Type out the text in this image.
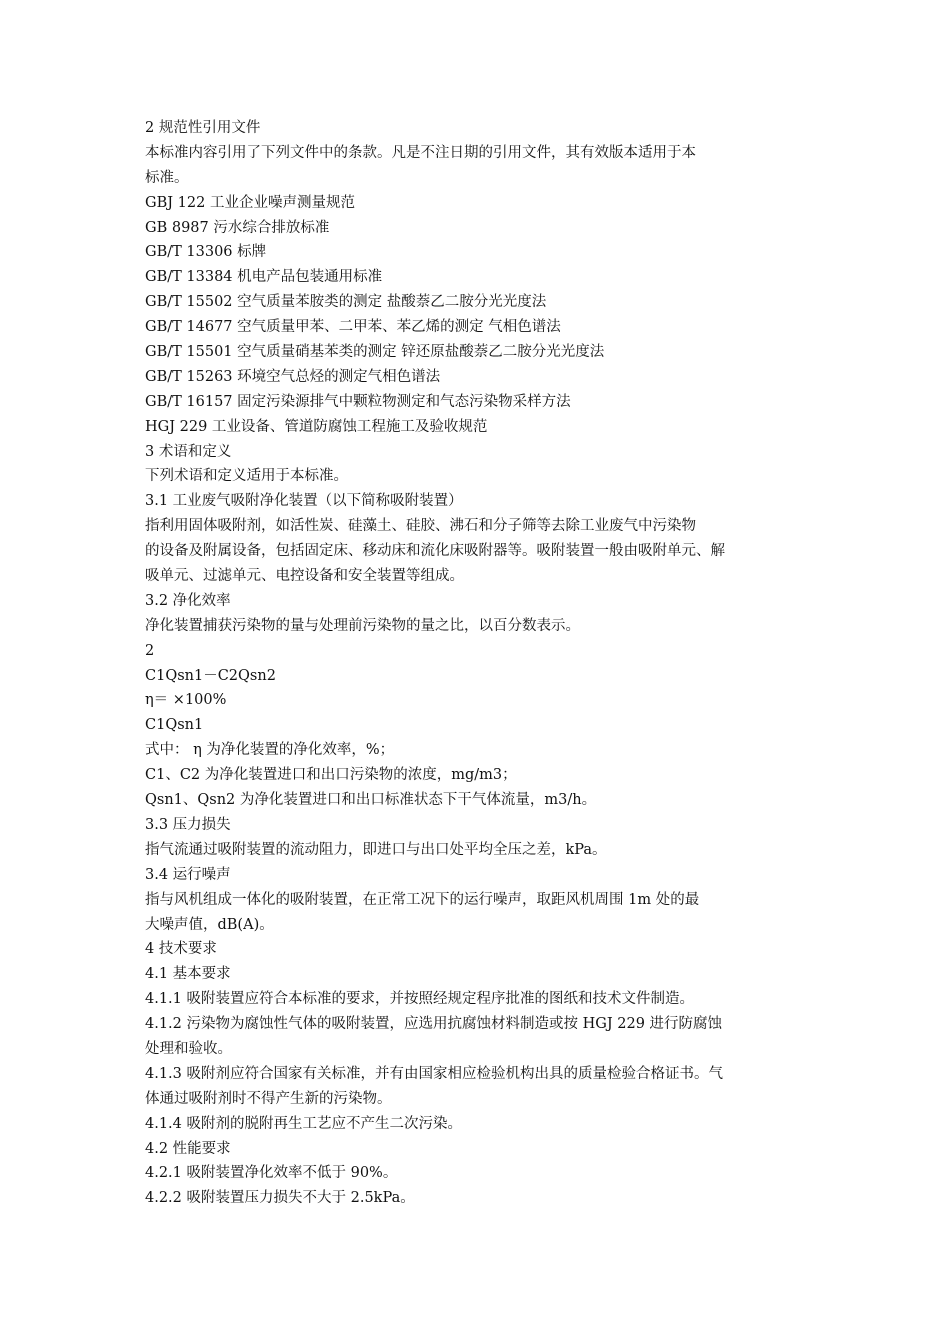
2 规范性引用文件
本标准内容引用了下列文件中的条款。凡是不注日期的引用文件，其有效版本适用于本
标准。
GBJ 122 工业企业噪声测量规范
GB 8987 污水综合排放标准
GB/T 13306 标牌
GB/T 13384 机电产品包装通用标准
GB/T 15502 空气质量苯胺类的测定 盐酸萘乙二胺分光光度法
GB/T 14677 空气质量甲苯、二甲苯、苯乙烯的测定 气相色谱法
GB/T 15501 空气质量硝基苯类的测定 锌还原盐酸萘乙二胺分光光度法
GB/T 15263 环境空气总烃的测定气相色谱法
GB/T 16157 固定污染源排气中颗粒物测定和气态污染物采样方法
HGJ 229 工业设备、管道防腐蚀工程施工及验收规范
3 术语和定义
下列术语和定义适用于本标准。
3.1 工业废气吸附净化装置（以下简称吸附装置）
指利用固体吸附剂，如活性炭、硅藻土、硅胶、沸石和分子筛等去除工业废气中污染物
的设备及附属设备，包括固定床、移动床和流化床吸附器等。吸附装置一般由吸附单元、解
吸单元、过滤单元、电控设备和安全装置等组成。
3.2 净化效率
净化装置捕获污染物的量与处理前污染物的量之比，以百分数表示。
2
C1Qsn1－C2Qsn2
η＝ ×100%
C1Qsn1
式中： η 为净化装置的净化效率，%；
C1、C2 为净化装置进口和出口污染物的浓度，mg/m3；
Qsn1、Qsn2 为净化装置进口和出口标准状态下干气体流量，m3/h。
3.3 压力损失
指气流通过吸附装置的流动阻力，即进口与出口处平均全压之差，kPa。
3.4 运行噪声
指与风机组成一体化的吸附装置，在正常工况下的运行噪声，取距风机周围 1m 处的最
大噪声值，dB(A)。
4 技术要求
4.1 基本要求
4.1.1 吸附装置应符合本标准的要求，并按照经规定程序批准的图纸和技术文件制造。
4.1.2 污染物为腐蚀性气体的吸附装置，应选用抗腐蚀材料制造或按 HGJ 229 进行防腐蚀
处理和验收。
4.1.3 吸附剂应符合国家有关标准，并有由国家相应检验机构出具的质量检验合格证书。气
体通过吸附剂时不得产生新的污染物。
4.1.4 吸附剂的脱附再生工艺应不产生二次污染。
4.2 性能要求
4.2.1 吸附装置净化效率不低于 90%。
4.2.2 吸附装置压力损失不大于 2.5kPa。
